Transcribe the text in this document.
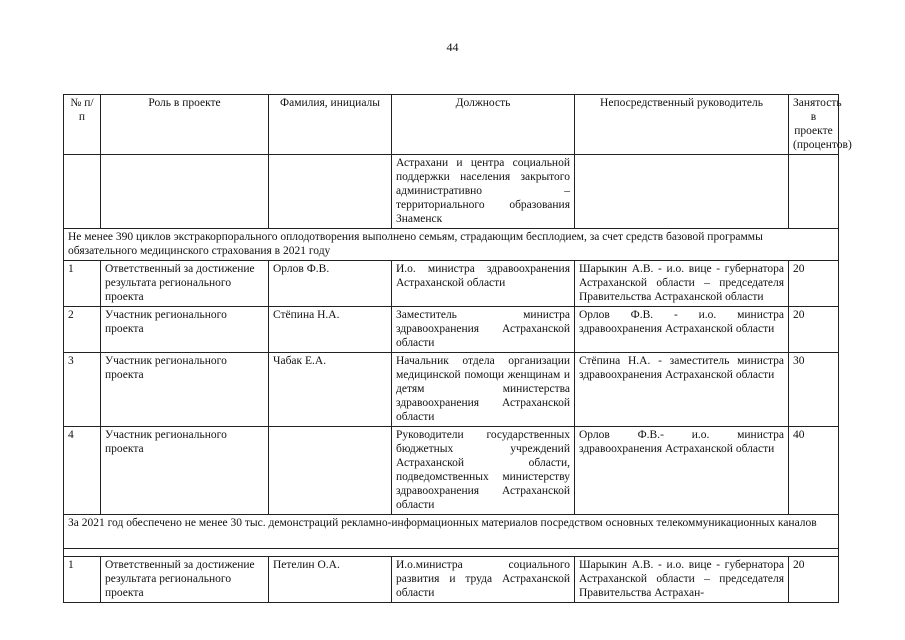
44
№ п/п	Роль в проекте	Фамилия, инициалы	Должность	Непосредственный руководитель	Занятость в проекте (процентов)
			Астрахани и центра социальной поддержки населения закрытого административно – территориального образования Знаменск		
Не менее 390 циклов экстракорпорального оплодотворения выполнено семьям, страдающим бесплодием, за счет средств базовой программы обязательного медицинского страхования в 2021 году					
1	Ответственный за достижение результата регионального проекта	Орлов Ф.В.	И.о. министра здравоохранения Астраханской области	Шарыкин А.В. - и.о. вице - губернатора Астраханской области – председателя Правительства Астраханской области	20
2	Участник регионального проекта	Стёпина Н.А.	Заместитель министра здравоохранения Астраханской области	Орлов Ф.В. - и.о. министра здравоохранения Астраханской области	20
3	Участник регионального проекта	Чабак Е.А.	Начальник отдела организации медицинской помощи женщинам и детям министерства здравоохранения Астраханской области	Стёпина Н.А. - заместитель министра здравоохранения Астраханской области	30
4	Участник регионального проекта		Руководители государственных бюджетных учреждений Астраханской области, подведомственных министерству здравоохранения Астраханской области	Орлов Ф.В.- и.о. министра здравоохранения Астраханской области	40
За 2021 год обеспечено не менее 30 тыс. демонстраций рекламно-информационных материалов посредством основных телекоммуникационных каналов					

1	Ответственный за достижение результата регионального проекта	Петелин О.А.	И.о.министра социального развития и труда Астраханской области	Шарыкин А.В. - и.о. вице - губернатора Астраханской области – председателя Правительства Астрахан-	20
